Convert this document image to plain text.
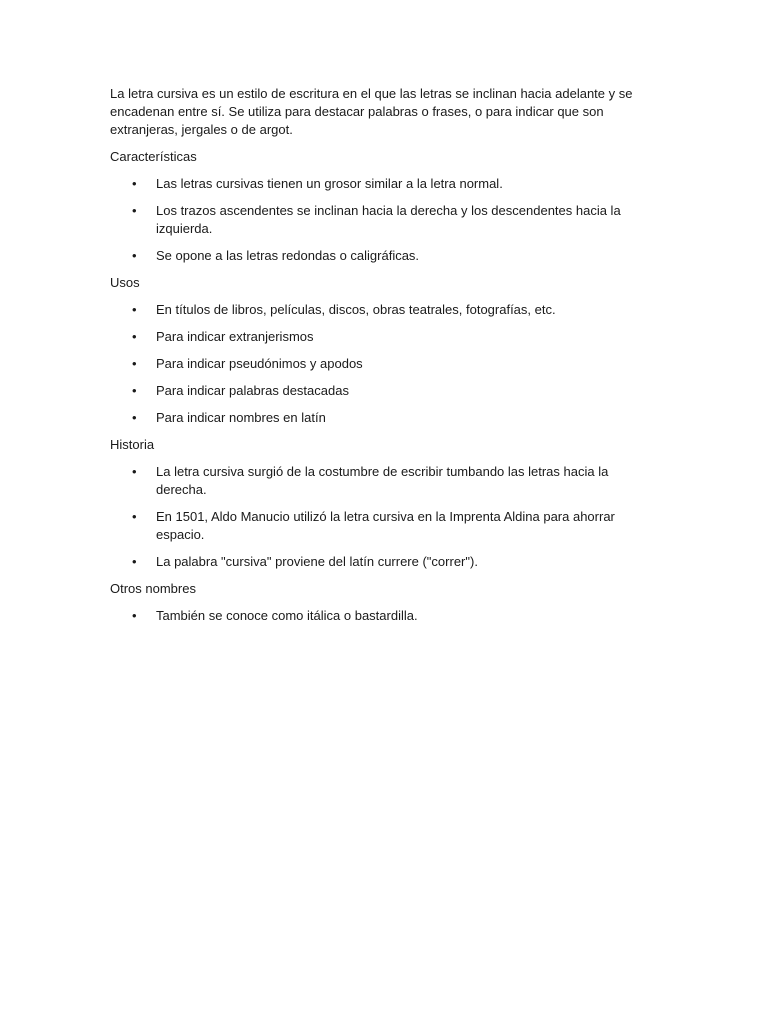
La letra cursiva es un estilo de escritura en el que las letras se inclinan hacia adelante y se encadenan entre sí. Se utiliza para destacar palabras o frases, o para indicar que son extranjeras, jergales o de argot.

Características

• Las letras cursivas tienen un grosor similar a la letra normal.
• Los trazos ascendentes se inclinan hacia la derecha y los descendentes hacia la izquierda.
• Se opone a las letras redondas o caligráficas.

Usos

• En títulos de libros, películas, discos, obras teatrales, fotografías, etc.
• Para indicar extranjerismos
• Para indicar pseudónimos y apodos
• Para indicar palabras destacadas
• Para indicar nombres en latín

Historia

• La letra cursiva surgió de la costumbre de escribir tumbando las letras hacia la derecha.
• En 1501, Aldo Manucio utilizó la letra cursiva en la Imprenta Aldina para ahorrar espacio.
• La palabra "cursiva" proviene del latín currere ("correr").

Otros nombres

• También se conoce como itálica o bastardilla.
